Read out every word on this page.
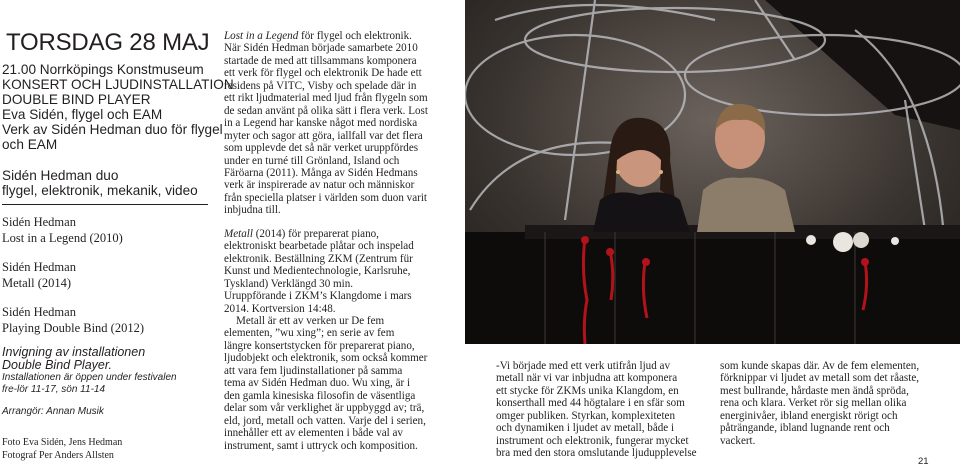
TORSDAG 28 MAJ
21.00 Norrköpings Konstmuseum
KONSERT OCH LJUDINSTALLATION
DOUBLE BIND PLAYER
Eva Sidén, flygel och EAM
Verk av Sidén Hedman duo för flygel
och EAM
Sidén Hedman duo
flygel, elektronik, mekanik, video
Sidén Hedman
Lost in a Legend (2010)
Sidén Hedman
Metall (2014)
Sidén Hedman
Playing Double Bind (2012)
Invigning av installationen
Double Bind Player.
Installationen är öppen under festivalen
fre-lör 11-17, sön 11-14
Arrangör: Annan Musik
Foto Eva Sidén, Jens Hedman
Fotograf Per Anders Allsten

Lost in a Legend för flygel och elektronik.
När Sidén Hedman började samarbete 2010
startade de med att tillsammans komponera
ett verk för flygel och elektronik De hade ett
residens på VITC, Visby och spelade där in
ett rikt ljudmaterial med ljud från flygeln som
de sedan använt på olika sätt i flera verk. Lost
in a Legend har kanske något med nordiska
myter och sagor att göra, iallfall var det flera
som upplevde det så när verket uruppfördes
under en turné till Grönland, Island och
Färöarna (2011). Många av Sidén Hedmans
verk är inspirerade av natur och människor
från speciella platser i världen som duon varit
inbjudna till.

Metall (2014) för preparerat piano,
elektroniskt bearbetade plåtar och inspelad
elektronik. Beställning ZKM (Zentrum für
Kunst und Medientechnologie, Karlsruhe,
Tyskland) Verklängd 30 min.
Uruppförande i ZKM’s Klangdome i mars
2014. Kortversion 14:48.

Metall är ett av verken ur De fem
elementen, ”wu xing”; en serie av fem
längre konsertstycken för preparerat piano,
ljudobjekt och elektronik, som också kommer
att vara fem ljudinstallationer på samma
tema av Sidén Hedman duo. Wu xing, är i
den gamla kinesiska filosofin de väsentliga
delar som vår verklighet är uppbyggd av; trä,
eld, jord, metall och vatten. Varje del i serien,
innehåller ett av elementen i både val av
instrument, samt i uttryck och komposition.

-Vi började med ett verk utifrån ljud av
metall när vi var inbjudna att komponera
ett stycke för ZKMs unika Klangdom, en
konserthall med 44 högtalare i en sfär som
omger publiken. Styrkan, komplexiteten
och dynamiken i ljudet av metall, både i
instrument och elektronik, fungerar mycket
bra med den stora omslutande ljudupplevelse
som kunde skapas där. Av de fem elementen,
förknippar vi ljudet av metall som det råaste,
mest bullrande, hårdaste men ändå spröda,
rena och klara. Verket rör sig mellan olika
energinivåer, ibland energiskt rörigt och
påträngande, ibland lugnande rent och
vackert.
21
